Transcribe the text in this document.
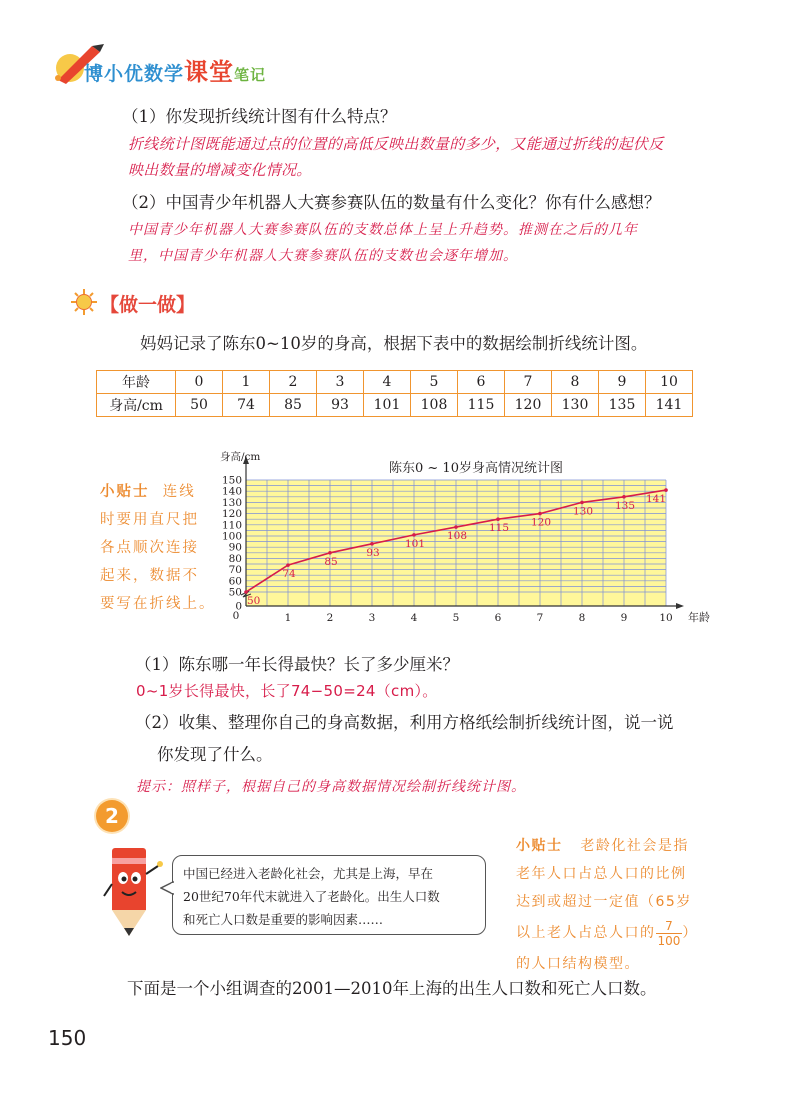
博小优数学课堂笔记
（1）你发现折线统计图有什么特点？
折线统计图既能通过点的位置的高低反映出数量的多少，又能通过折线的起伏反
映出数量的增减变化情况。
（2）中国青少年机器人大赛参赛队伍的数量有什么变化？你有什么感想？
中国青少年机器人大赛参赛队伍的支数总体上呈上升趋势。推测在之后的几年
里，中国青少年机器人大赛参赛队伍的支数也会逐年增加。
【做一做】
妈妈记录了陈东0~10岁的身高，根据下表中的数据绘制折线统计图。
年龄	0	1	2	3	4	5	6	7	8	9	10
身高/cm	50	74	85	93	101	108	115	120	130	135	141
小贴士 连线
时要用直尺把
各点顺次连接
起来，数据不
要写在折线上。	0
50
60
70
80
90
100
110
120
130
140
150
1	2	3	4	5	6	7	8	9	10
0
身高/cm
年龄
陈东0 ~ 10岁身高情况统计图
50
74
85
93
101
108
115 120
130 135
141
（1）陈东哪一年长得最快？长了多少厘米？
0~1岁长得最快，长了74−50=24（cm）。
（2）收集、整理你自己的身高数据，利用方格纸绘制折线统计图，说一说
你发现了什么。
提示：照样子，根据自己的身高数据情况绘制折线统计图。
2
中国已经进入老龄化社会，尤其是上海，早在
20世纪70年代末就进入了老龄化。出生人口数
和死亡人口数是重要的影响因素……
小贴士 老龄化社会是指
老年人口占总人口的比例
达到或超过一定值（65岁
以上老人占总人口的 $\frac{7}{100}$ ）
的人口结构模型。
下面是一个小组调查的2001—2010年上海的出生人口数和死亡人口数。
150
